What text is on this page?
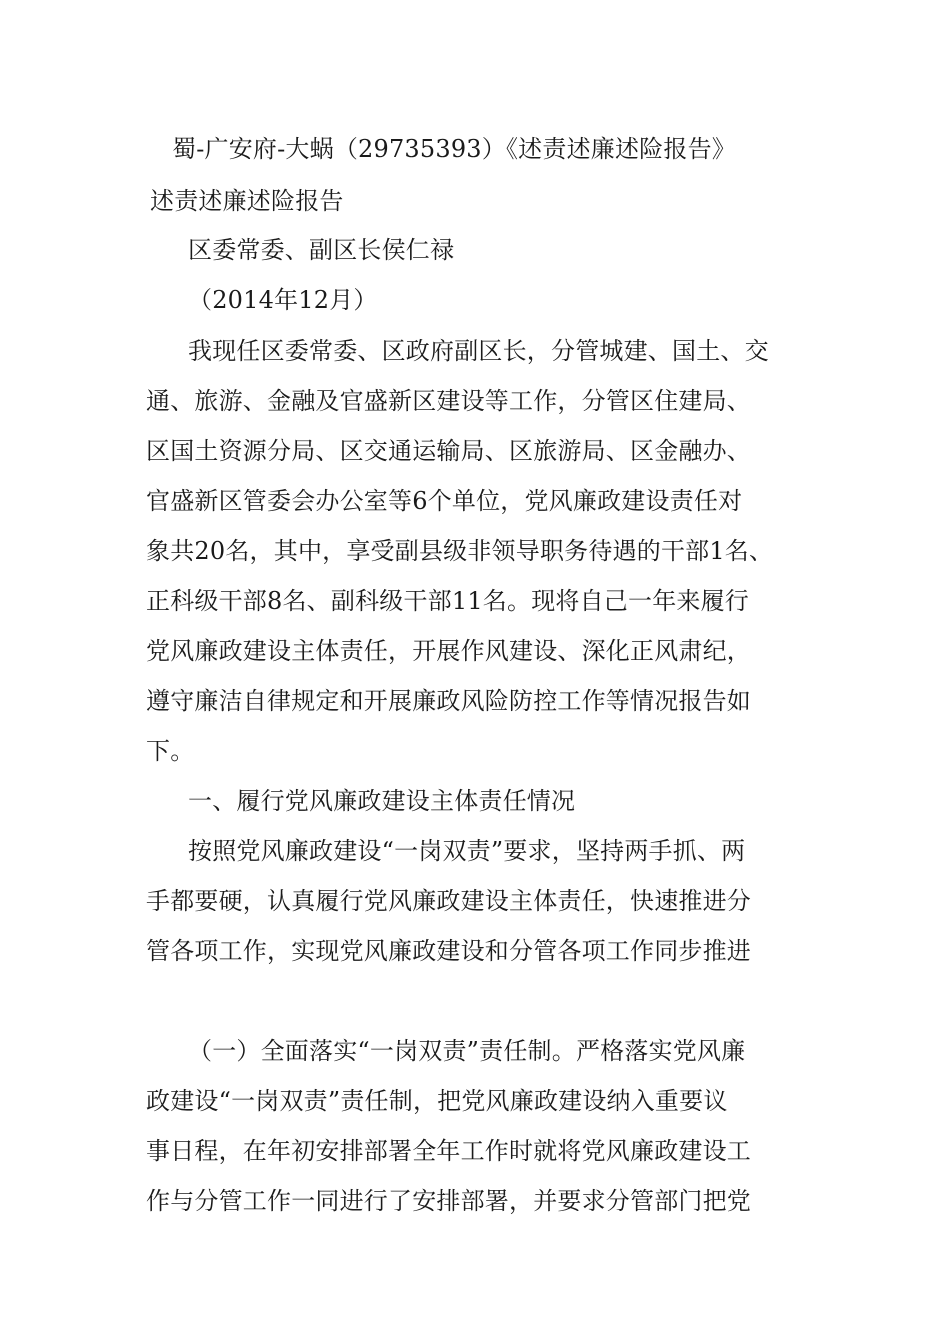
蜀-广安府-大蜗（29735393）《述责述廉述险报告》
述责述廉述险报告
区委常委、副区长侯仁禄
（2014年12月）
我现任区委常委、区政府副区长，分管城建、国土、交
通、旅游、金融及官盛新区建设等工作，分管区住建局、
区国土资源分局、区交通运输局、区旅游局、区金融办、
官盛新区管委会办公室等6个单位，党风廉政建设责任对
象共20名，其中，享受副县级非领导职务待遇的干部1名、
正科级干部8名、副科级干部11名。现将自己一年来履行
党风廉政建设主体责任，开展作风建设、深化正风肃纪，
遵守廉洁自律规定和开展廉政风险防控工作等情况报告如
下。
一、履行党风廉政建设主体责任情况
按照党风廉政建设“一岗双责”要求，坚持两手抓、两
手都要硬，认真履行党风廉政建设主体责任，快速推进分
管各项工作，实现党风廉政建设和分管各项工作同步推进
（一）全面落实“一岗双责”责任制。严格落实党风廉
政建设“一岗双责”责任制，把党风廉政建设纳入重要议
事日程，在年初安排部署全年工作时就将党风廉政建设工
作与分管工作一同进行了安排部署，并要求分管部门把党
